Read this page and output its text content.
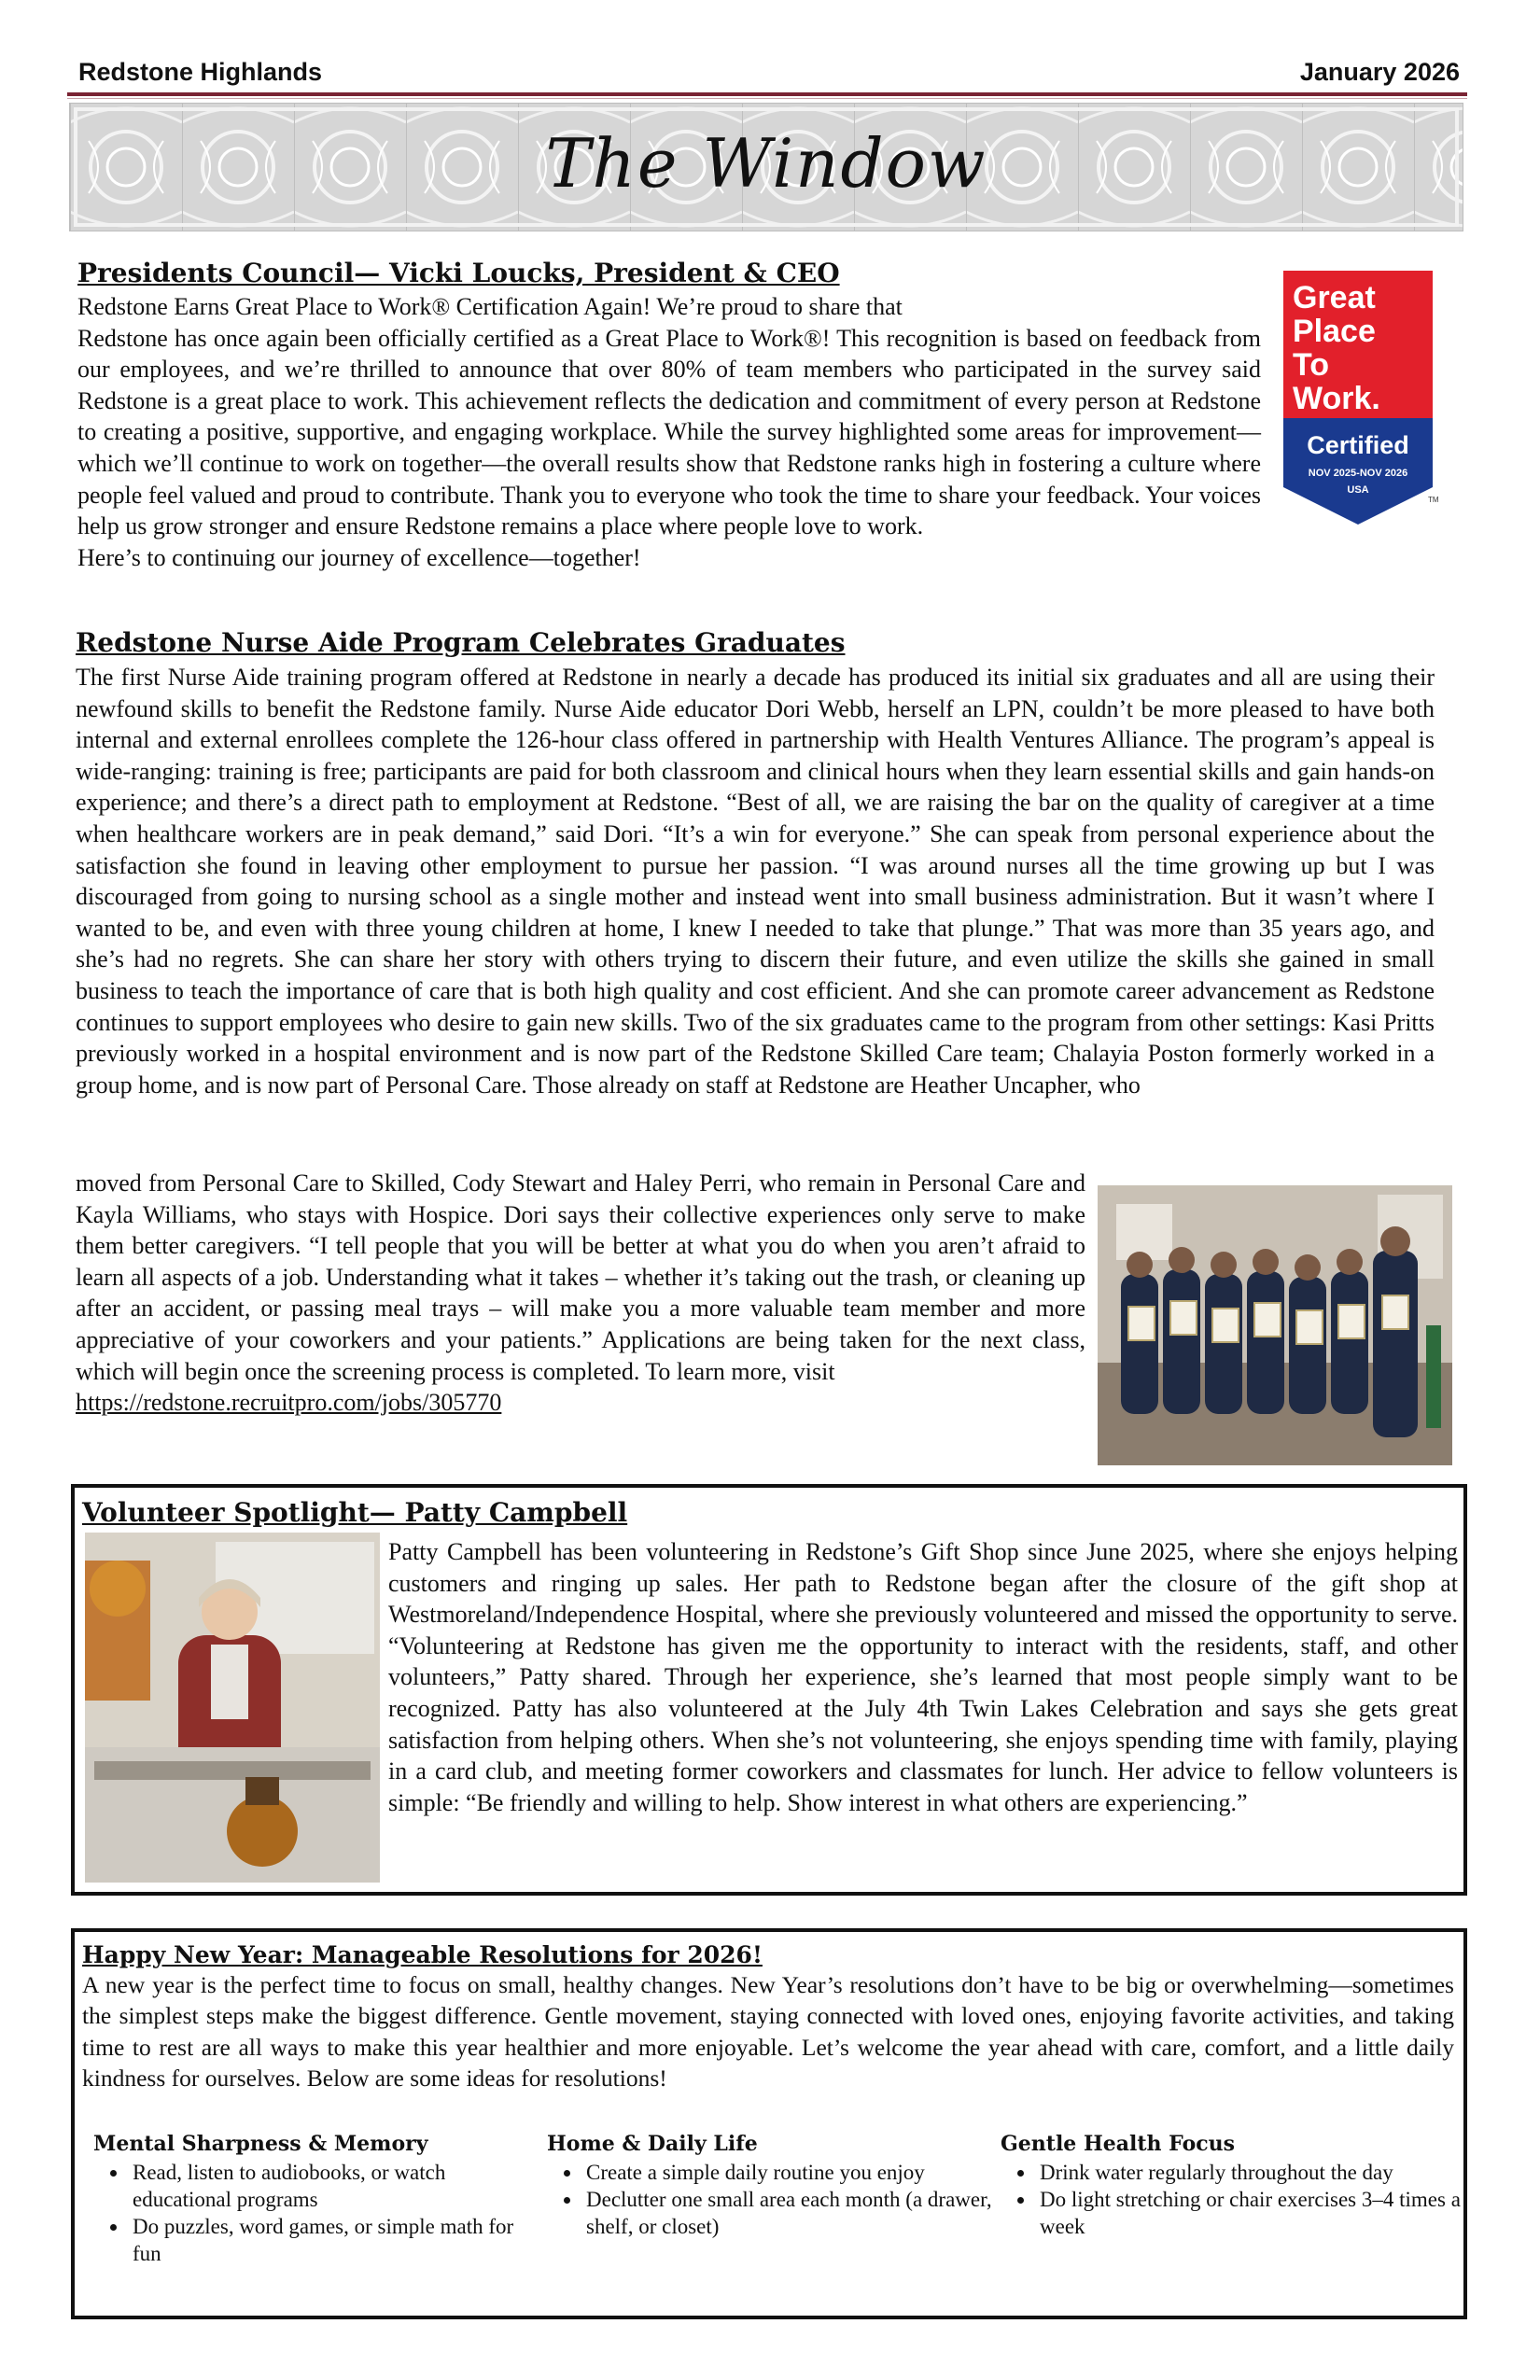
Redstone Highlands	January 2026
The Window
Presidents Council— Vicki Loucks, President & CEO

Redstone Earns Great Place to Work® Certification Again! We’re proud to share that

Redstone has once again been officially certified as a Great Place to Work®! This recognition is based on feedback from our employees, and we’re thrilled to announce that over 80% of team members who participated in the survey said Redstone is a great place to work. This achievement reflects the dedication and commitment of every person at Redstone to creating a positive, supportive, and engaging workplace. While the survey highlighted some areas for improvement—which we’ll continue to work on together—the overall results show that Redstone ranks high in fostering a culture where people feel valued and proud to contribute. Thank you to everyone who took the time to share your feedback. Your voices help us grow stronger and ensure Redstone remains a place where people love to work.

Here’s to continuing our journey of excellence—together!

Great
Place
To
Work.
Certified
NOV 2025-NOV 2026
USA
TM
Redstone Nurse Aide Program Celebrates Graduates
The first Nurse Aide training program offered at Redstone in nearly a decade has produced its initial six graduates and all are using their newfound skills to benefit the Redstone family. Nurse Aide educator Dori Webb, herself an LPN, couldn’t be more pleased to have both internal and external enrollees complete the 126-hour class offered in partnership with Health Ventures Alliance. The program’s appeal is wide-ranging: training is free; participants are paid for both classroom and clinical hours when they learn essential skills and gain hands-on experience; and there’s a direct path to employment at Redstone. “Best of all, we are raising the bar on the quality of caregiver at a time when healthcare workers are in peak demand,” said Dori. “It’s a win for everyone.” She can speak from personal experience about the satisfaction she found in leaving other employment to pursue her passion. “I was around nurses all the time growing up but I was discouraged from going to nursing school as a single mother and instead went into small business administration. But it wasn’t where I wanted to be, and even with three young children at home, I knew I needed to take that plunge.” That was more than 35 years ago, and she’s had no regrets. She can share her story with others trying to discern their future, and even utilize the skills she gained in small business to teach the importance of care that is both high quality and cost efficient. And she can promote career advancement as Redstone continues to support employees who desire to gain new skills. Two of the six graduates came to the program from other settings: Kasi Pritts previously worked in a hospital environment and is now part of the Redstone Skilled Care team; Chalayia Poston formerly worked in a group home, and is now part of Personal Care. Those already on staff at Redstone are Heather Uncapher, who

moved from Personal Care to Skilled, Cody Stewart and Haley Perri, who remain in Personal Care and Kayla Williams, who stays with Hospice. Dori says their collective experiences only serve to make them better caregivers. “I tell people that you will be better at what you do when you aren’t afraid to learn all aspects of a job. Understanding what it takes – whether it’s taking out the trash, or cleaning up after an accident, or passing meal trays – will make you a more valuable team member and more appreciative of your coworkers and your patients.” Applications are being taken for the next class, which will begin once the screening process is completed. To learn more, visit

https://redstone.recruitpro.com/jobs/305770

Volunteer Spotlight— Patty Campbell
Patty Campbell has been volunteering in Redstone’s Gift Shop since June 2025, where she enjoys helping customers and ringing up sales. Her path to Redstone began after the closure of the gift shop at Westmoreland/Independence Hospital, where she previously volunteered and missed the opportunity to serve. “Volunteering at Redstone has given me the opportunity to interact with the residents, staff, and other volunteers,” Patty shared. Through her experience, she’s learned that most people simply want to be recognized. Patty has also volunteered at the July 4th Twin Lakes Celebration and says she gets great satisfaction from helping others. When she’s not volunteering, she enjoys spending time with family, playing in a card club, and meeting former coworkers and classmates for lunch. Her advice to fellow volunteers is simple: “Be friendly and willing to help. Show interest in what others are experiencing.”
Happy New Year: Manageable Resolutions for 2026!
A new year is the perfect time to focus on small, healthy changes. New Year’s resolutions don’t have to be big or overwhelming—sometimes the simplest steps make the biggest difference. Gentle movement, staying connected with loved ones, enjoying favorite activities, and taking time to rest are all ways to make this year healthier and more enjoyable. Let’s welcome the year ahead with care, comfort, and a little daily kindness for ourselves. Below are some ideas for resolutions!
Mental Sharpness & Memory
• Read, listen to audiobooks, or watch educational programs
• Do puzzles, word games, or simple math for fun
Home & Daily Life
• Create a simple daily routine you enjoy
• Declutter one small area each month (a drawer, shelf, or closet)
Gentle Health Focus
• Drink water regularly throughout the day
• Do light stretching or chair exercises 3–4 times a week
